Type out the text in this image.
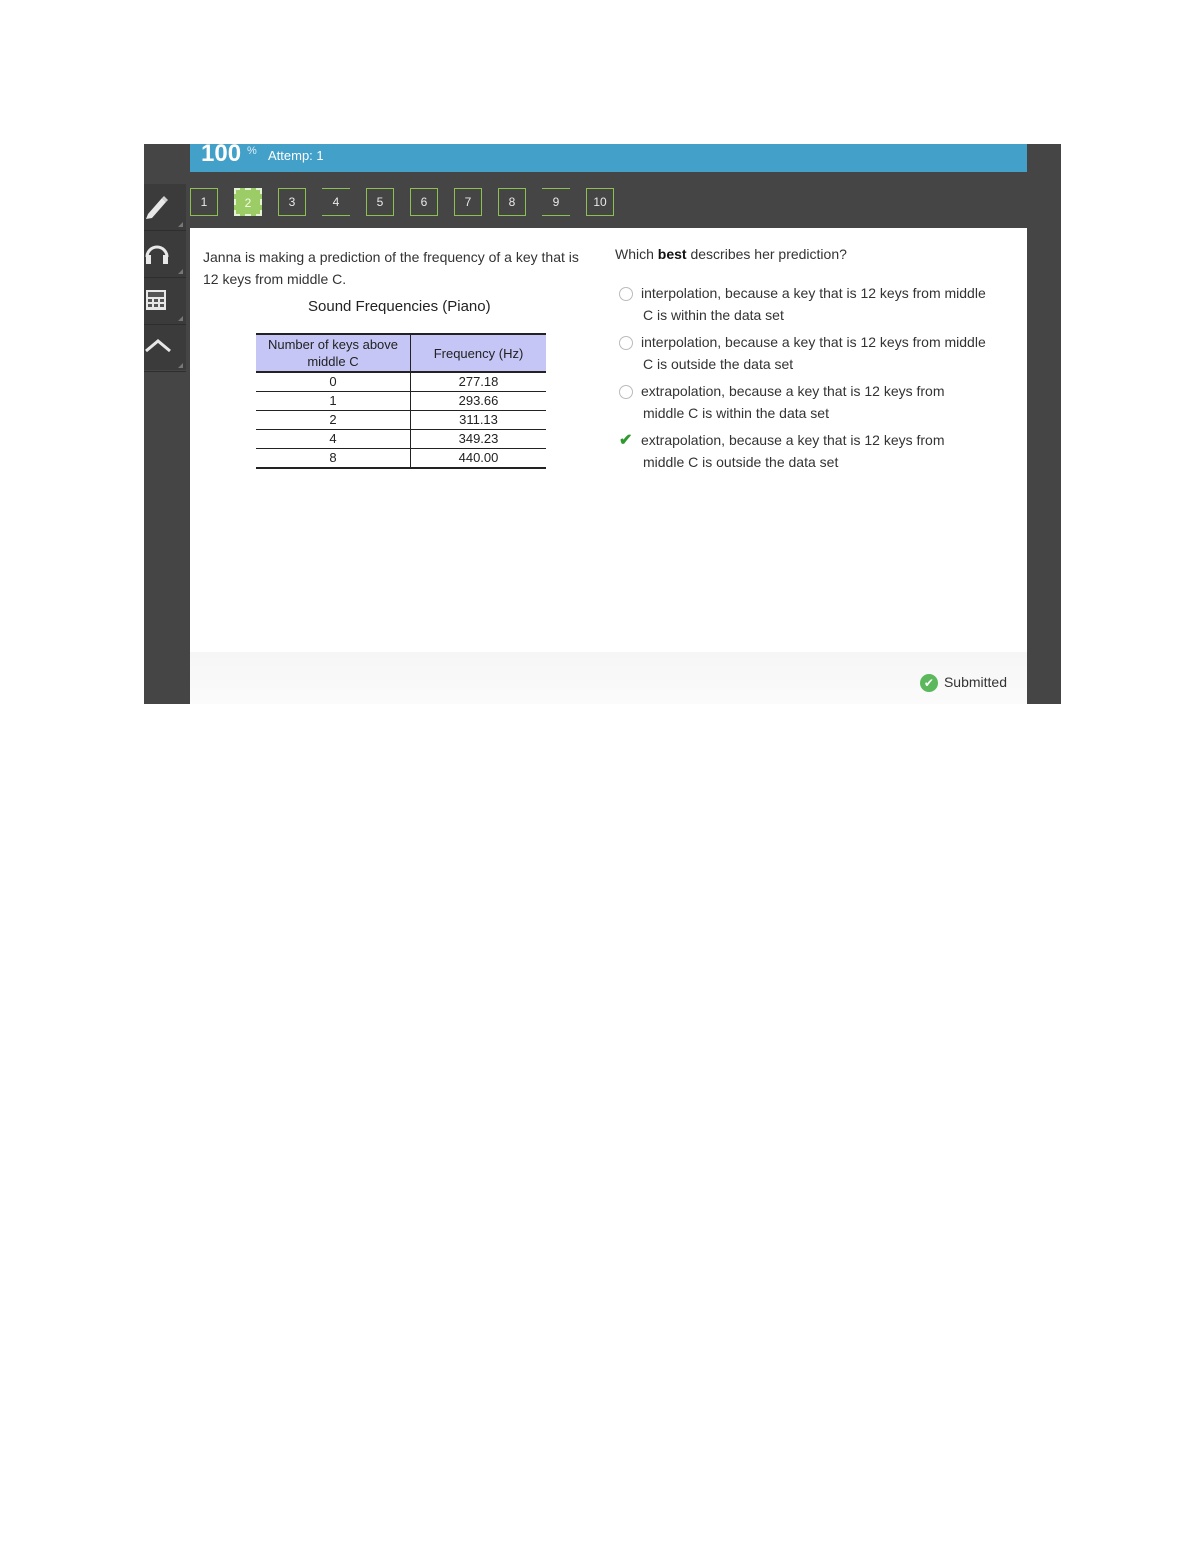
100 % Attemp: 1
1	2	3	4	5	6	7	8	9	10
Janna is making a prediction of the frequency of a key that is 12 keys from middle C.
Sound Frequencies (Piano)
Number of keys above middle C	Frequency (Hz)
0	277.18
1	293.66
2	311.13
4	349.23
8	440.00
Which best describes her prediction?
interpolation, because a key that is 12 keys from middle C is within the data set
interpolation, because a key that is 12 keys from middle C is outside the data set
extrapolation, because a key that is 12 keys from middle C is within the data set
✔ extrapolation, because a key that is 12 keys from middle C is outside the data set
✔ Submitted
